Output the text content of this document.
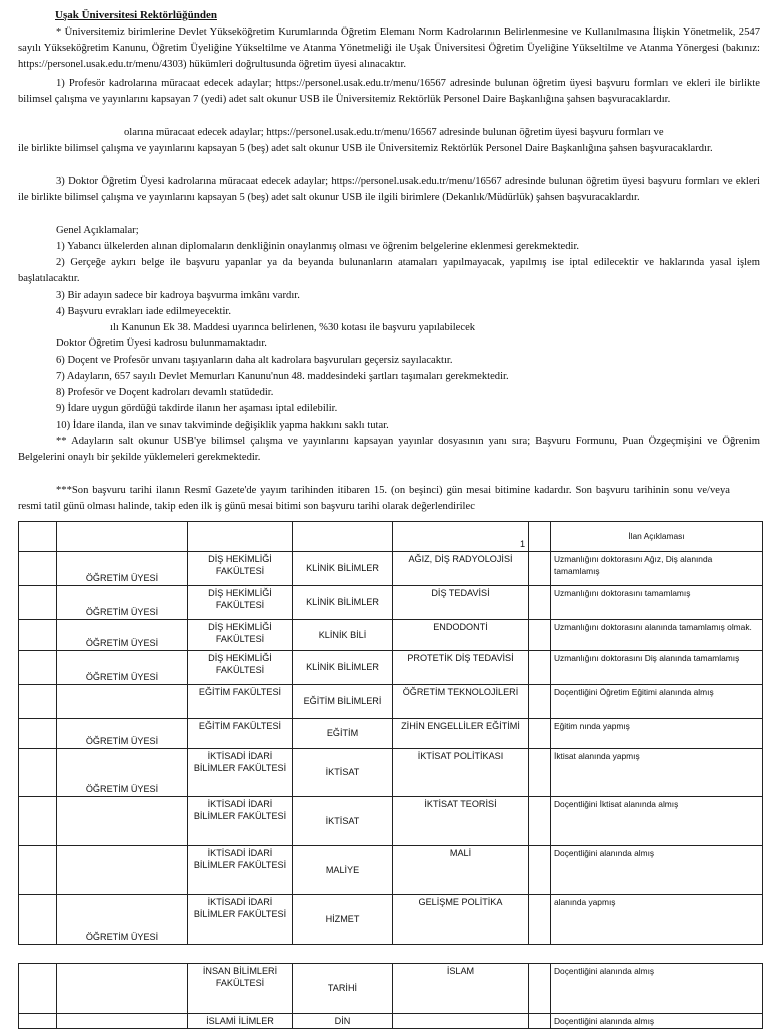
Uşak Üniversitesi Rektörlüğünden

* Üniversitemiz birimlerine Devlet Yükseköğretim Kurumlarında Öğretim Elemanı Norm Kadrolarının Belirlenmesine ve Kullanılmasına İlişkin Yönetmelik, 2547 sayılı Yükseköğretim Kanunu, Öğretim Üyeliğine Yükseltilme ve Atanma Yönetmeliği ile Uşak Üniversitesi Öğretim Üyeliğine Yükseltilme ve Atanma Yönergesi (bakınız: https://personel.usak.edu.tr/menu/4303) hükümleri doğrultusunda öğretim üyesi alınacaktır.

1) Profesör kadrolarına müracaat edecek adaylar; https://personel.usak.edu.tr/menu/16567 adresinde bulunan öğretim üyesi başvuru formları ve ekleri ile birlikte bilimsel çalışma ve yayınlarını kapsayan 7 (yedi) adet salt okunur USB ile Üniversitemiz Rektörlük Personel Daire Başkanlığına şahsen başvuracaklardır.

olarına müracaat edecek adaylar; https://personel.usak.edu.tr/menu/16567 adresinde bulunan öğretim üyesi başvuru formları ve

ile birlikte bilimsel çalışma ve yayınlarını kapsayan 5 (beş) adet salt okunur USB ile Üniversitemiz Rektörlük Personel Daire Başkanlığına şahsen başvuracaklardır.

3) Doktor Öğretim Üyesi kadrolarına müracaat edecek adaylar; https://personel.usak.edu.tr/menu/16567 adresinde bulunan öğretim üyesi başvuru formları ve ekleri ile birlikte bilimsel çalışma ve yayınlarını kapsayan 5 (beş) adet salt okunur USB ile ilgili birimlere (Dekanlık/Müdürlük) şahsen başvuracaklardır.

Genel Açıklamalar;

1) Yabancı ülkelerden alınan diplomaların denkliğinin onaylanmış olması ve öğrenim belgelerine eklenmesi gerekmektedir.

2) Gerçeğe aykırı belge ile başvuru yapanlar ya da beyanda bulunanların atamaları yapılmayacak, yapılmış ise iptal edilecektir ve haklarında yasal işlem başlatılacaktır.

3) Bir adayın sadece bir kadroya başvurma imkânı vardır.

4) Başvuru evrakları iade edilmeyecektir.

ılı Kanunun Ek 38. Maddesi uyarınca belirlenen, %30 kotası ile başvuru yapılabilecek

Doktor Öğretim Üyesi kadrosu bulunmamaktadır.

6) Doçent ve Profesör unvanı taşıyanların daha alt kadrolara başvuruları geçersiz sayılacaktır.

7) Adayların, 657 sayılı Devlet Memurları Kanunu'nun 48. maddesindeki şartları taşımaları gerekmektedir.

8) Profesör ve Doçent kadroları devamlı statüdedir.

9) İdare uygun gördüğü takdirde ilanın her aşaması iptal edilebilir.

10) İdare ilanda, ilan ve sınav takviminde değişiklik yapma hakkını saklı tutar.

** Adayların salt okunur USB'ye bilimsel çalışma ve yayınlarını kapsayan yayınlar dosyasının yanı sıra; Başvuru Formunu, Puan Özgeçmişini ve Öğrenim Belgelerini onaylı bir şekilde yüklemeleri gerekmektedir.

***Son başvuru tarihi ilanın Resmî Gazete'de yayım tarihinden itibaren 15. (on beşinci) gün mesai bitimine kadardır. Son başvuru tarihinin sonu ve/veya resmi tatil günü olması halinde, takip eden ilk iş günü mesai bitimi son başvuru tarihi olarak değerlendirilec

				1		İlan Açıklaması
	ÖĞRETİM ÜYESİ	DİŞ HEKİMLİĞİ FAKÜLTESİ	KLİNİK BİLİMLER	AĞIZ, DİŞ RADYOLOJİSİ		Uzmanlığını doktorasını Ağız, Diş alanında tamamlamış
	ÖĞRETİM ÜYESİ	DİŞ HEKİMLİĞİ FAKÜLTESİ	KLİNİK BİLİMLER	DİŞ TEDAVİSİ		Uzmanlığını doktorasını tamamlamış
	ÖĞRETİM ÜYESİ	DİŞ HEKİMLİĞİ FAKÜLTESİ	KLİNİK BİLİ	ENDODONTİ		Uzmanlığını doktorasını alanında tamamlamış olmak.
	ÖĞRETİM ÜYESİ	DİŞ HEKİMLİĞİ FAKÜLTESİ	KLİNİK BİLİMLER	PROTETİK DİŞ TEDAVİSİ		Uzmanlığını doktorasını Diş alanında tamamlamış
		EĞİTİM FAKÜLTESİ	EĞİTİM BİLİMLERİ	ÖĞRETİM TEKNOLOJİLERİ		Doçentliğini Öğretim Eğitimi alanında almış
	ÖĞRETİM ÜYESİ	EĞİTİM FAKÜLTESİ	EĞİTİM	ZİHİN ENGELLİLER EĞİTİMİ		Eğitim nında yapmış
	ÖĞRETİM ÜYESİ	İKTİSADİ İDARİ BİLİMLER FAKÜLTESİ	İKTİSAT	İKTİSAT POLİTİKASI		İktisat alanında yapmış
		İKTİSADİ İDARİ BİLİMLER FAKÜLTESİ	İKTİSAT	İKTİSAT TEORİSİ		Doçentliğini İktisat alanında almış
		İKTİSADİ İDARİ BİLİMLER FAKÜLTESİ	MALİYE	MALİ		Doçentliğini alanında almış
	ÖĞRETİM ÜYESİ	İKTİSADİ İDARİ BİLİMLER FAKÜLTESİ	HİZMET	GELİŞME POLİTİKA		alanında yapmış
		İNSAN BİLİMLERİ FAKÜLTESİ	TARİHİ	İSLAM		Doçentliğini alanında almış
		İSLAMİ İLİMLER	DİN			Doçentliğini alanında almış
